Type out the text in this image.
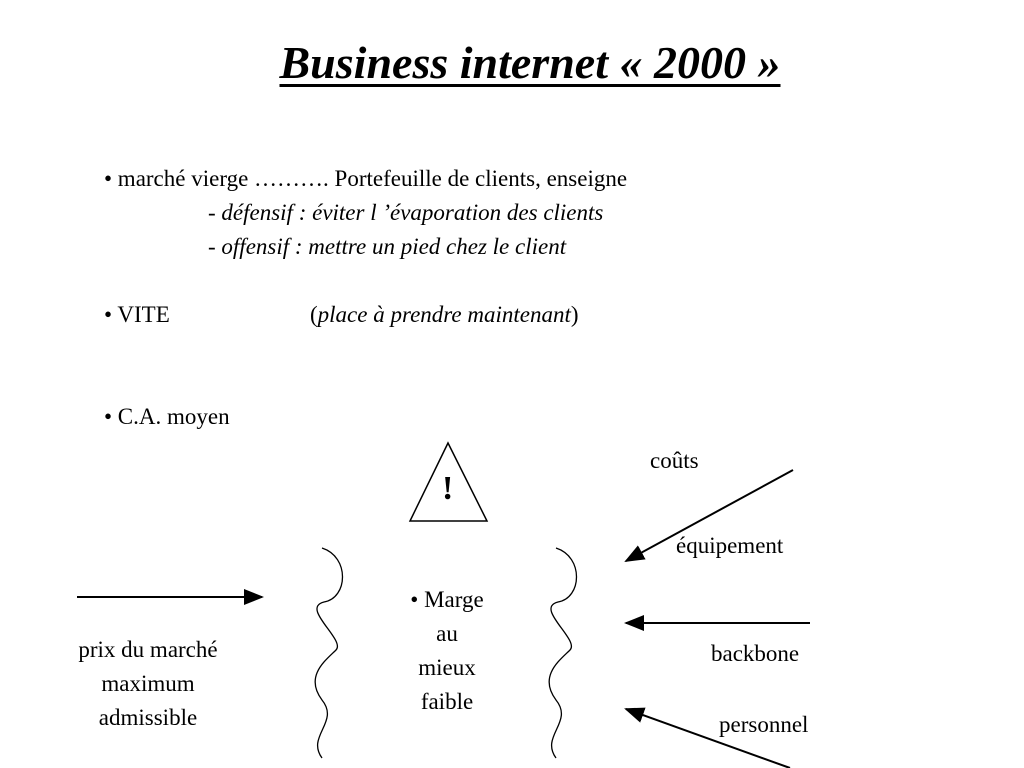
Business internet « 2000 »
• marché vierge ………. Portefeuille de clients, enseigne
- défensif : éviter l ’évaporation des clients
- offensif : mettre un pied chez le client
• VITE	(place à prendre maintenant)
• C.A. moyen
!
• Marge
au
mieux
faible
prix du marché
maximum
admissible
coûts
équipement
backbone
personnel
